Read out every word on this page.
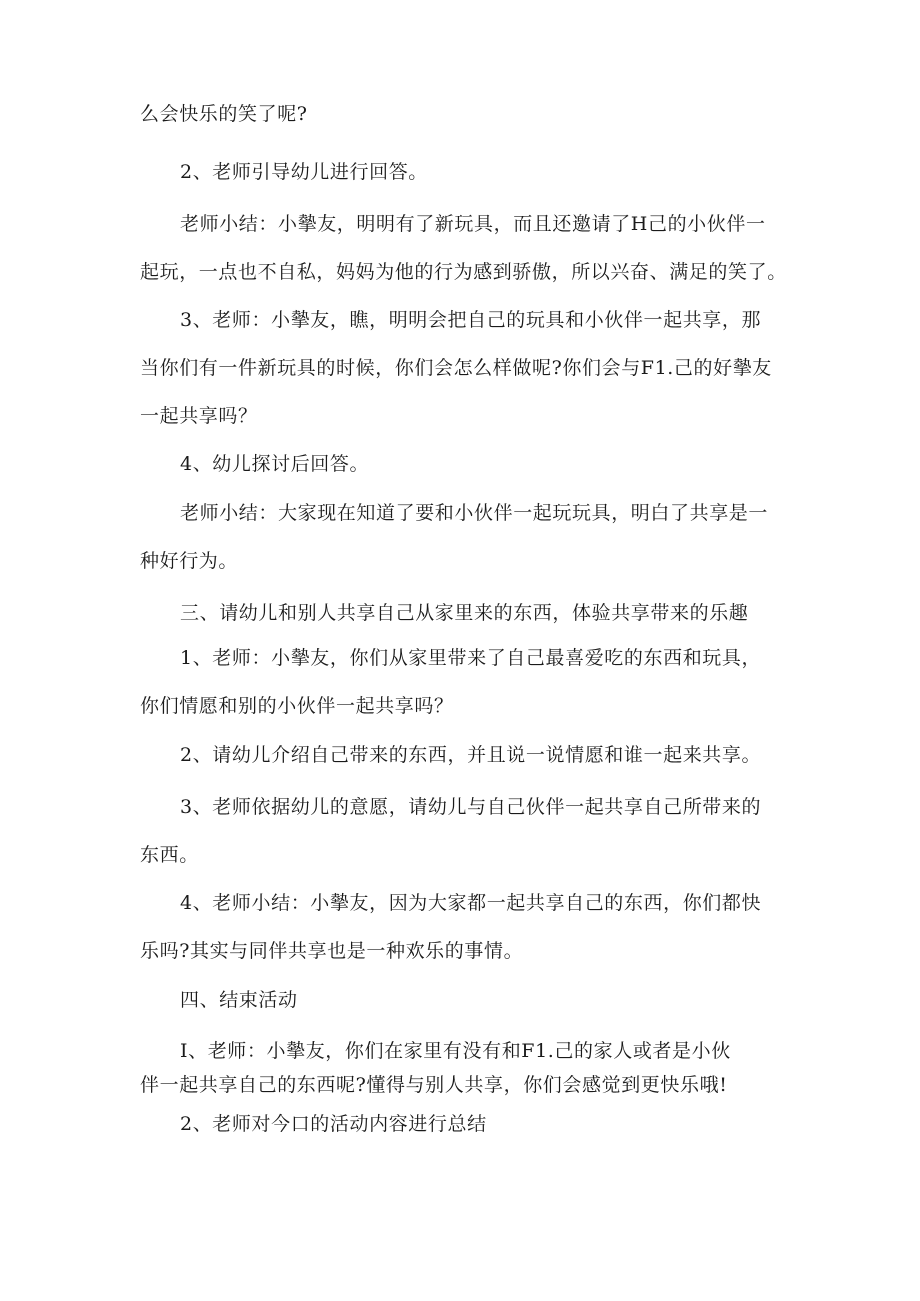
么会快乐的笑了呢?
2、老师引导幼儿进行回答。
老师小结：小摰友，明明有了新玩具，而且还邀请了H己的小伙伴一
起玩，一点也不自私，妈妈为他的行为感到骄傲，所以兴奋、满足的笑了。
3、老师：小摰友，瞧，明明会把自己的玩具和小伙伴一起共享，那
当你们有一件新玩具的时候，你们会怎么样做呢?你们会与F1.己的好摰友
一起共享吗？
4、幼儿探讨后回答。
老师小结：大家现在知道了要和小伙伴一起玩玩具，明白了共享是一
种好行为。
三、请幼儿和别人共享自己从家里来的东西，体验共享带来的乐趣
1、老师：小摰友，你们从家里带来了自己最喜爱吃的东西和玩具，
你们情愿和别的小伙伴一起共享吗？
2、请幼儿介绍自己带来的东西，并且说一说情愿和谁一起来共享。
3、老师依据幼儿的意愿，请幼儿与自己伙伴一起共享自己所带来的
东西。
4、老师小结：小摰友，因为大家都一起共享自己的东西，你们都快
乐吗?其实与同伴共享也是一种欢乐的事情。
四、结束活动
I、老师：小摰友，你们在家里有没有和F1.己的家人或者是小伙
伴一起共享自己的东西呢?懂得与别人共享，你们会感觉到更快乐哦!
2、老师对今口的活动内容进行总结
